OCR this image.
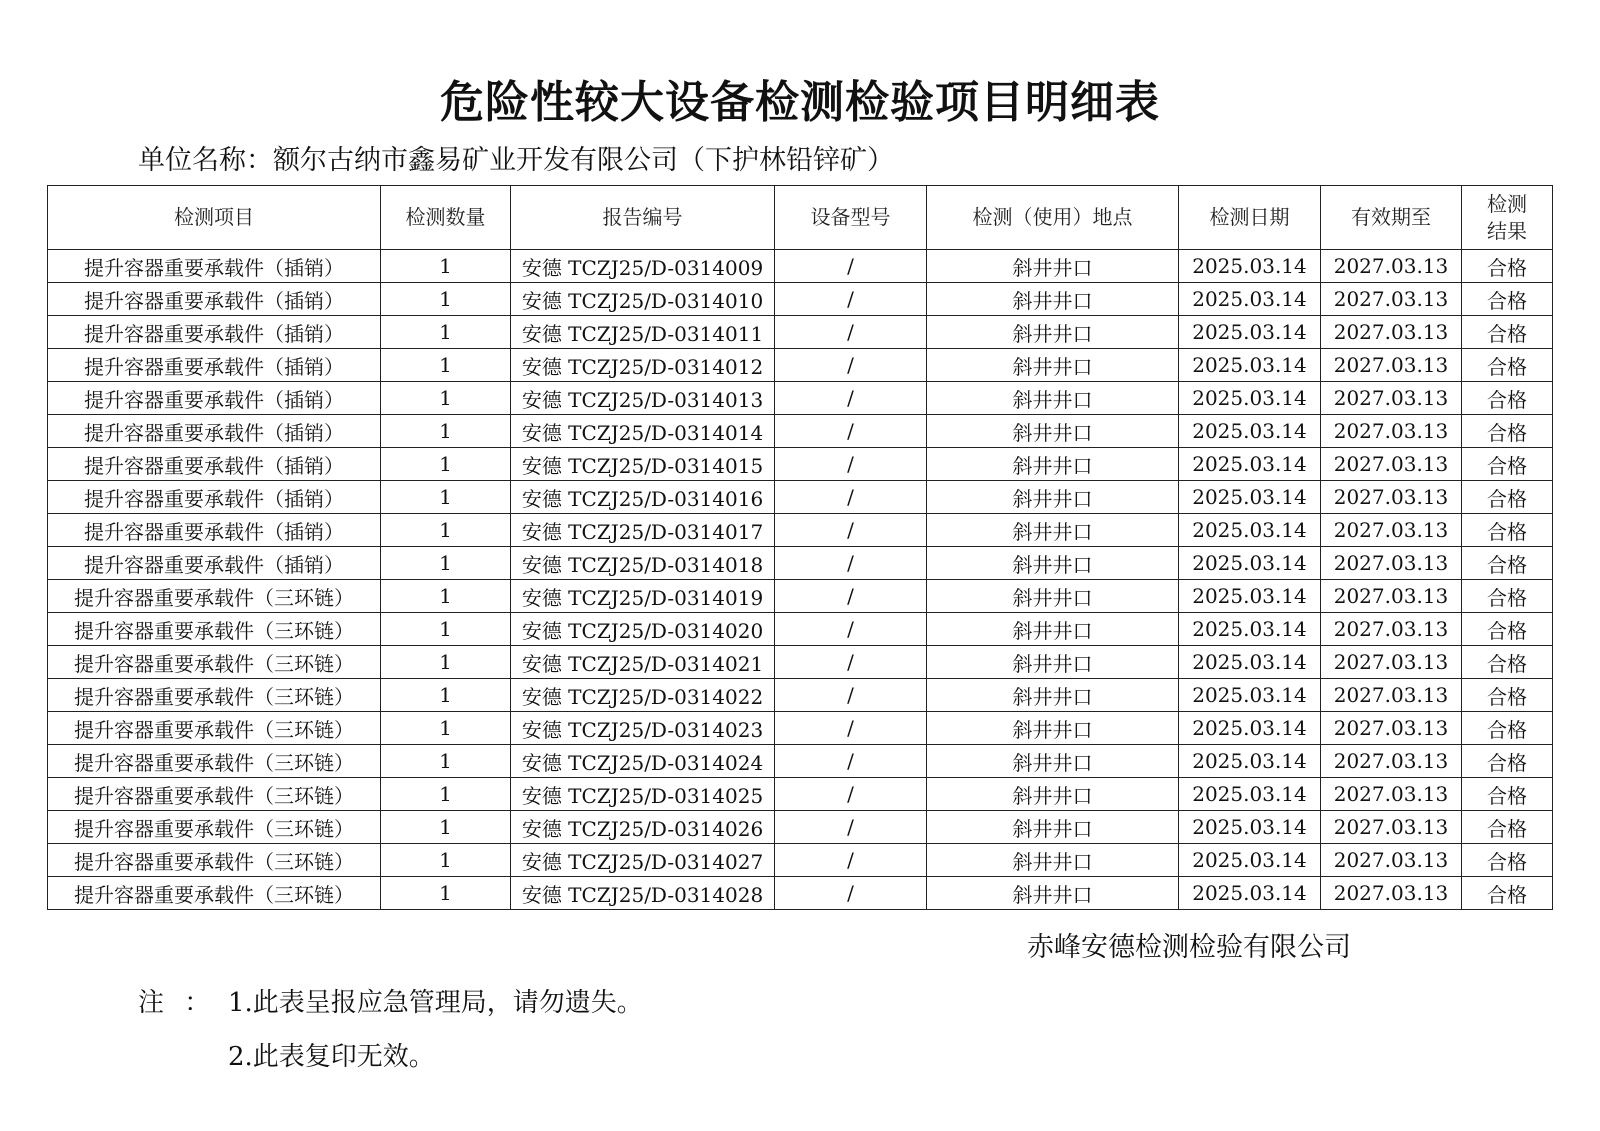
危险性较大设备检测检验项目明细表

单位名称：额尔古纳市鑫易矿业开发有限公司（下护林铅锌矿）

检测项目	检测数量	报告编号	设备型号	检测（使用）地点	检测日期	有效期至	检测
结果

提升容器重要承载件（插销）	1	安德 TCZJ25/D-0314009	/	斜井井口	2025.03.14	2027.03.13	合格
提升容器重要承载件（插销）	1	安德 TCZJ25/D-0314010	/	斜井井口	2025.03.14	2027.03.13	合格
提升容器重要承载件（插销）	1	安德 TCZJ25/D-0314011	/	斜井井口	2025.03.14	2027.03.13	合格
提升容器重要承载件（插销）	1	安德 TCZJ25/D-0314012	/	斜井井口	2025.03.14	2027.03.13	合格
提升容器重要承载件（插销）	1	安德 TCZJ25/D-0314013	/	斜井井口	2025.03.14	2027.03.13	合格
提升容器重要承载件（插销）	1	安德 TCZJ25/D-0314014	/	斜井井口	2025.03.14	2027.03.13	合格
提升容器重要承载件（插销）	1	安德 TCZJ25/D-0314015	/	斜井井口	2025.03.14	2027.03.13	合格
提升容器重要承载件（插销）	1	安德 TCZJ25/D-0314016	/	斜井井口	2025.03.14	2027.03.13	合格
提升容器重要承载件（插销）	1	安德 TCZJ25/D-0314017	/	斜井井口	2025.03.14	2027.03.13	合格
提升容器重要承载件（插销）	1	安德 TCZJ25/D-0314018	/	斜井井口	2025.03.14	2027.03.13	合格
提升容器重要承载件（三环链）	1	安德 TCZJ25/D-0314019	/	斜井井口	2025.03.14	2027.03.13	合格
提升容器重要承载件（三环链）	1	安德 TCZJ25/D-0314020	/	斜井井口	2025.03.14	2027.03.13	合格
提升容器重要承载件（三环链）	1	安德 TCZJ25/D-0314021	/	斜井井口	2025.03.14	2027.03.13	合格
提升容器重要承载件（三环链）	1	安德 TCZJ25/D-0314022	/	斜井井口	2025.03.14	2027.03.13	合格
提升容器重要承载件（三环链）	1	安德 TCZJ25/D-0314023	/	斜井井口	2025.03.14	2027.03.13	合格
提升容器重要承载件（三环链）	1	安德 TCZJ25/D-0314024	/	斜井井口	2025.03.14	2027.03.13	合格
提升容器重要承载件（三环链）	1	安德 TCZJ25/D-0314025	/	斜井井口	2025.03.14	2027.03.13	合格
提升容器重要承载件（三环链）	1	安德 TCZJ25/D-0314026	/	斜井井口	2025.03.14	2027.03.13	合格
提升容器重要承载件（三环链）	1	安德 TCZJ25/D-0314027	/	斜井井口	2025.03.14	2027.03.13	合格
提升容器重要承载件（三环链）	1	安德 TCZJ25/D-0314028	/	斜井井口	2025.03.14	2027.03.13	合格

赤峰安德检测检验有限公司

注 ： 1.此表呈报应急管理局，请勿遗失。
2.此表复印无效。
